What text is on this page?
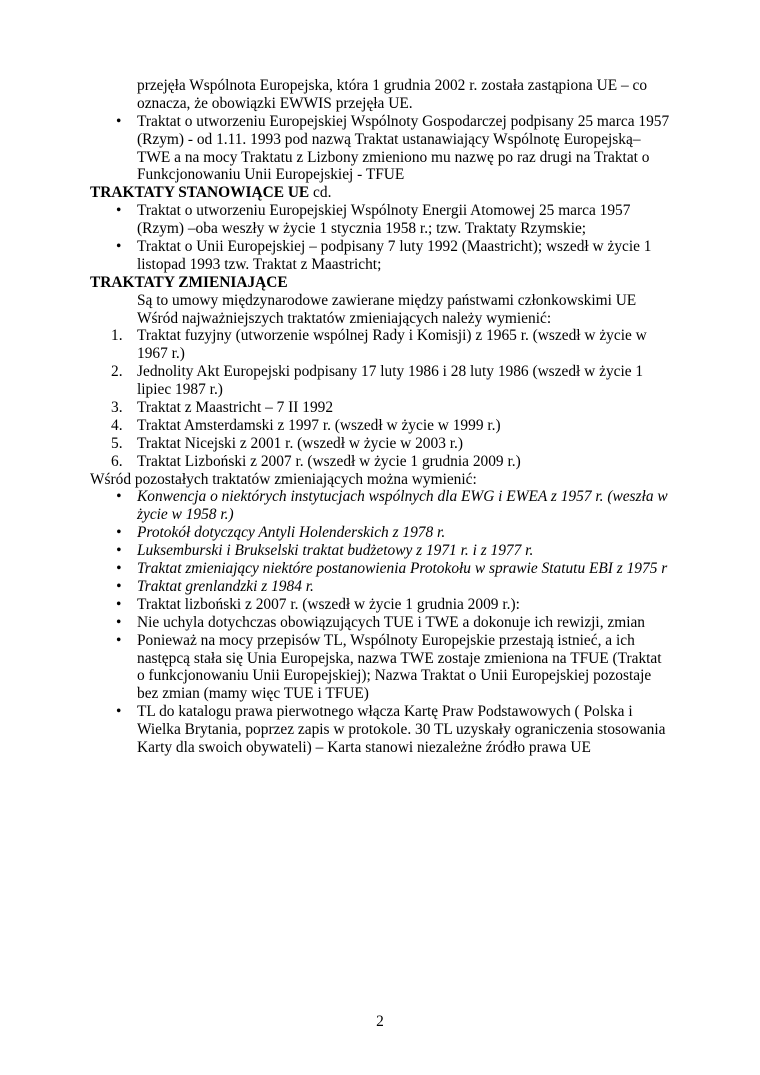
przejęła Wspólnota Europejska, która 1 grudnia 2002 r. została zastąpiona UE – co
oznacza, że obowiązki EWWIS przejęła UE.
• Traktat o utworzeniu Europejskiej Wspólnoty Gospodarczej podpisany 25 marca 1957
(Rzym) - od 1.11. 1993 pod nazwą Traktat ustanawiający Wspólnotę Europejską–
TWE a na mocy Traktatu z Lizbony zmieniono mu nazwę po raz drugi na Traktat o
Funkcjonowaniu Unii Europejskiej - TFUE
TRAKTATY STANOWIĄCE UE cd.
• Traktat o utworzeniu Europejskiej Wspólnoty Energii Atomowej 25 marca 1957
(Rzym) –oba weszły w życie 1 stycznia 1958 r.; tzw. Traktaty Rzymskie;
• Traktat o Unii Europejskiej – podpisany 7 luty 1992 (Maastricht); wszedł w życie 1
listopad 1993 tzw. Traktat z Maastricht;
TRAKTATY ZMIENIAJĄCE
Są to umowy międzynarodowe zawierane między państwami członkowskimi UE
Wśród najważniejszych traktatów zmieniających należy wymienić:
1. Traktat fuzyjny (utworzenie wspólnej Rady i Komisji) z 1965 r. (wszedł w życie w
1967 r.)
2. Jednolity Akt Europejski podpisany 17 luty 1986 i 28 luty 1986 (wszedł w życie 1
lipiec 1987 r.)
3. Traktat z Maastricht – 7 II 1992
4. Traktat Amsterdamski z 1997 r. (wszedł w życie w 1999 r.)
5. Traktat Nicejski z 2001 r. (wszedł w życie w 2003 r.)
6. Traktat Lizboński z 2007 r. (wszedł w życie 1 grudnia 2009 r.)
Wśród pozostałych traktatów zmieniających można wymienić:
• Konwencja o niektórych instytucjach wspólnych dla EWG i EWEA z 1957 r. (weszła w
życie w 1958 r.)
• Protokół dotyczący Antyli Holenderskich z 1978 r.
• Luksemburski i Brukselski traktat budżetowy z 1971 r. i z 1977 r.
• Traktat zmieniający niektóre postanowienia Protokołu w sprawie Statutu EBI z 1975 r
• Traktat grenlandzki z 1984 r.
• Traktat lizboński z 2007 r. (wszedł w życie 1 grudnia 2009 r.):
• Nie uchyla dotychczas obowiązujących TUE i TWE a dokonuje ich rewizji, zmian
• Ponieważ na mocy przepisów TL, Wspólnoty Europejskie przestają istnieć, a ich
następcą stała się Unia Europejska, nazwa TWE zostaje zmieniona na TFUE (Traktat
o funkcjonowaniu Unii Europejskiej); Nazwa Traktat o Unii Europejskiej pozostaje
bez zmian (mamy więc TUE i TFUE)
• TL do katalogu prawa pierwotnego włącza Kartę Praw Podstawowych ( Polska i
Wielka Brytania, poprzez zapis w protokole. 30 TL uzyskały ograniczenia stosowania
Karty dla swoich obywateli) – Karta stanowi niezależne źródło prawa UE
2
